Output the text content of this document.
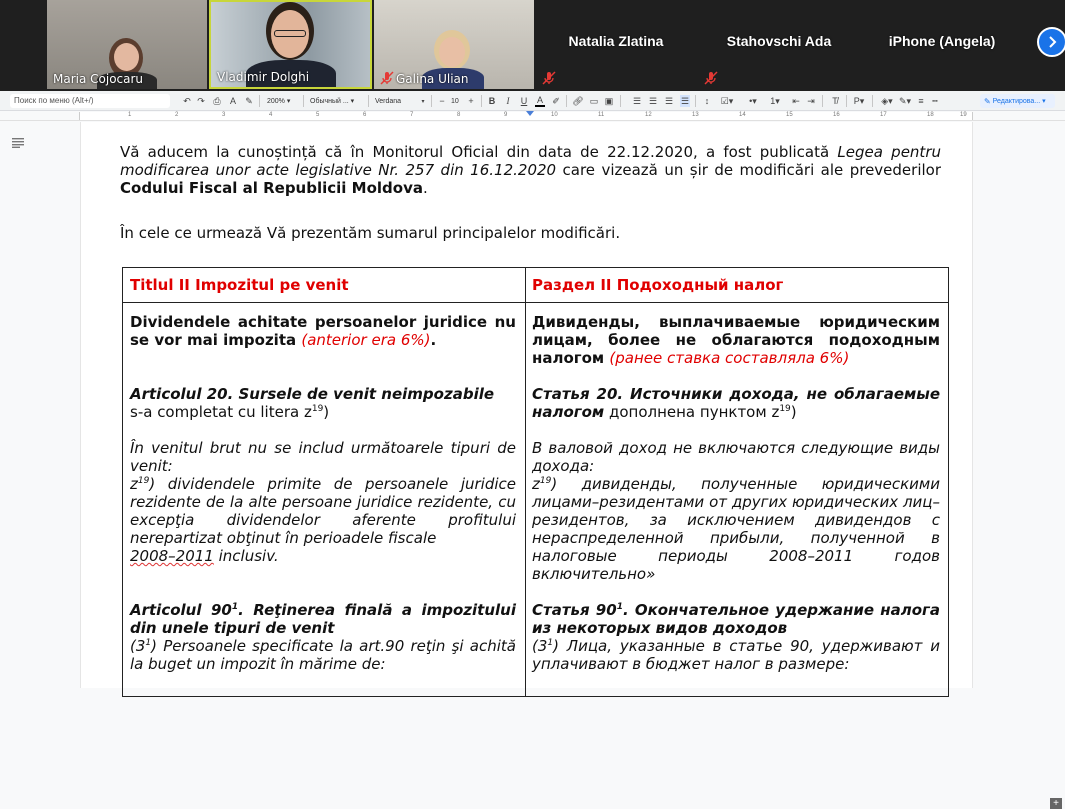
Maria Cojocaru	Vladimir Dolghi	Galina Ulian
Natalia Zlatina	Stahovschi Ada	iPhone (Angela)
Поиск по меню (Alt+/)	↶ ↷ ⎙ A ✎ 200% ▾	Обычный ... ▾	Verdana	▾ − 10	+ B	I	U A ✐ 🔗︎ ▭ ▣ ☰ ☰ ☰ ☰	↕	☑▾	•▾	1▾ ⇤ ⇥ T̸ P▾ ◈▾ ✎▾ ≡ ┅	✎
Редактирова... ▾
1	2	3	4	5	6	7	8	9	10	11	12	13	14	15	16	17	18	19
Vă aducem la cunoștință că în Monitorul Oficial din data de 22.12.2020, a fost publicată Legea pentru
modificarea unor acte legislative Nr. 257 din 16.12.2020 care vizează un șir de modificări ale prevederilor
Codului Fiscal al Republicii Moldova.
În cele ce urmează Vă prezentăm sumarul principalelor modificări.
Titlul II Impozitul pe venit	Раздел II Подоходный налог
Dividendele achitate persoanelor juridice nu se vor mai impozita (anterior era 6%).
Articolul 20. Sursele de venit neimpozabile
s-a completat cu litera $z^{19}$)
În venitul brut nu se includ următoarele tipuri de venit:
$z^{19}$) dividendele primite de persoanele juridice rezidente de la alte persoane juridice rezidente, cu excepţia dividendelor aferente profitului nerepartizat obţinut în perioadele fiscale
2008–2011 inclusiv.
Articolul $90^1$. Reţinerea finală a impozitului din unele tipuri de venit
$(3^1)$ Persoanele specificate la art.90 reţin şi achită la buget un impozit în mărime de:
Дивиденды, выплачиваемые юридическим лицам, более не облагаются подоходным налогом (ранее ставка составляла 6%)
Статья 20. Источники дохода, не облагаемые налогом дополнена пунктом $z^{19}$)
В валовой доход не включаются следующие виды дохода:
$z^{19}$) дивиденды, полученные юридическими лицами–резидентами от других юридических лиц–резидентов, за исключением дивидендов с нераспределенной прибыли, полученной в налоговые периоды 2008–2011 годов включительно»
Статья $90^1$. Окончательное удержание налога из некоторых видов доходов
$(3^1)$ Лица, указанные в статье 90, удерживают и уплачивают в бюджет налог в размере:
+
